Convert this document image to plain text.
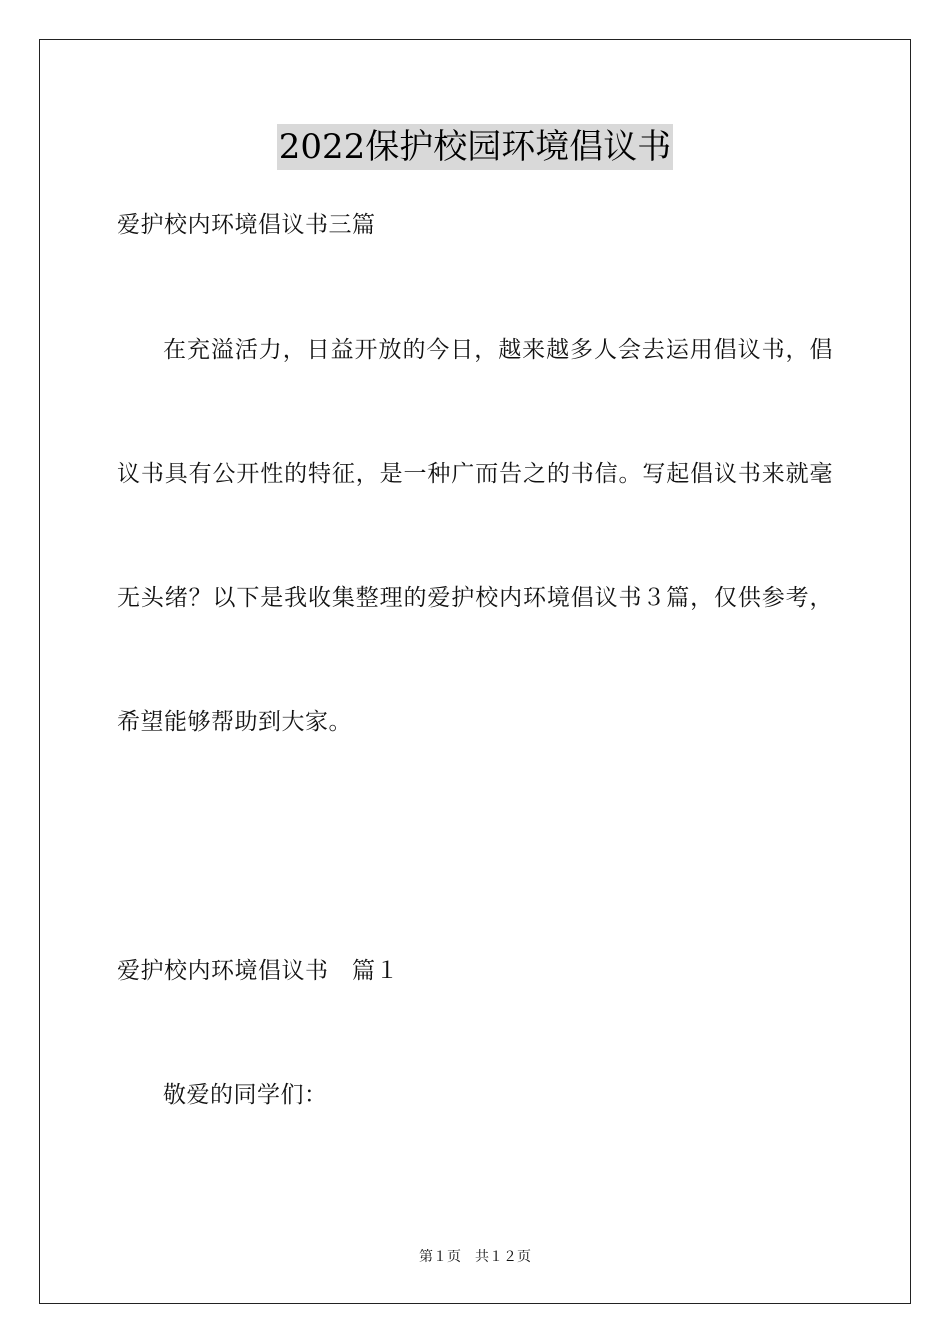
2022保护校园环境倡议书
爱护校内环境倡议书三篇
在充溢活力，日益开放的今日，越来越多人会去运用倡议书，倡
议书具有公开性的特征，是一种广而告之的书信。写起倡议书来就毫
无头绪？以下是我收集整理的爱护校内环境倡议书３篇，仅供参考，
希望能够帮助到大家。
爱护校内环境倡议书　篇１
敬爱的同学们：
第１页 共１２页
